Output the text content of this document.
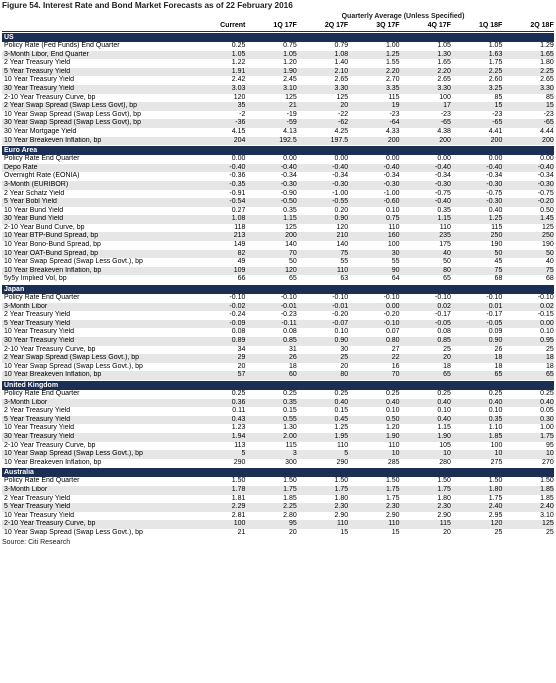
Figure 54. Interest Rate and Bond Market Forecasts as of 22 February 2016
Quarterly Average (Unless Specified)
Current	1Q 17F	2Q 17F	3Q 17F	4Q 17F	1Q 18F	2Q 18F
US
Policy Rate (Fed Funds) End Quarter	0.25	0.75	0.79	1.00	1.05	1.05	1.29
3-Month Libor, End Quarter	1.05	1.05	1.08	1.25	1.30	1.63	1.65
2 Year Treasury Yield	1.22	1.20	1.40	1.55	1.65	1.75	1.80
5 Year Treasury Yield	1.91	1.90	2.10	2.20	2.20	2.25	2.25
10 Year Treasury Yield	2.42	2.45	2.65	2.70	2.65	2.60	2.65
30 Year Treasury Yield	3.03	3.10	3.30	3.35	3.30	3.25	3.30
2-10 Year Treasury Curve, bp	120	125	125	115	100	85	85
2 Year Swap Spread (Swap Less Govt), bp	35	21	20	19	17	15	15
10 Year Swap Spread (Swap Less Govt), bp	-2	-19	-22	-23	-23	-23	-23
30 Year Swap Spread (Swap Less Govt), bp	-36	-59	-62	-64	-65	-65	-65
30 Year Mortgage Yield	4.15	4.13	4.25	4.33	4.38	4.41	4.44
10 Year Breakeven Inflation, bp	204	192.5	197.5	200	200	200	200
Euro Area
Policy Rate End Quarter	0.00	0.00	0.00	0.00	0.00	0.00	0.00
Depo Rate	-0.40	-0.40	-0.40	-0.40	-0.40	-0.40	-0.40
Overnight Rate (EONIA)	-0.36	-0.34	-0.34	-0.34	-0.34	-0.34	-0.34
3-Month (EURIBOR)	-0.35	-0.30	-0.30	-0.30	-0.30	-0.30	-0.30
2 Year Schatz Yield	-0.91	-0.90	-1.00	-1.00	-0.75	-0.75	-0.75
5 Year Bobl Yield	-0.54	-0.50	-0.55	-0.60	-0.40	-0.30	-0.20
10 Year Bund Yield	0.27	0.35	0.20	0.10	0.35	0.40	0.50
30 Year Bund Yield	1.08	1.15	0.90	0.75	1.15	1.25	1.45
2-10 Year Bund Curve, bp	118	125	120	110	110	115	125
10 Year BTP-Bund Spread, bp	213	200	210	160	235	250	250
10 Year Bono-Bund Spread, bp	149	140	140	100	175	190	190
10 Year OAT-Bund Spread, bp	82	70	75	30	40	50	50
10 Year Swap Spread (Swap Less Govt.), bp	49	50	55	55	50	45	40
10 Year Breakeven Inflation, bp	109	120	110	90	80	75	75
5y5y Implied Vol, bp	66	65	63	64	65	68	68
Japan
Policy Rate End Quarter	-0.10	-0.10	-0.10	-0.10	-0.10	-0.10	-0.10
3-Month Libor	-0.02	-0.01	-0.01	0.00	0.02	0.01	0.02
2 Year Treasury Yield	-0.24	-0.23	-0.20	-0.20	-0.17	-0.17	-0.15
5 Year Treasury Yield	-0.09	-0.11	-0.07	-0.10	-0.05	-0.05	0.00
10 Year Treasury Yield	0.08	0.08	0.10	0.07	0.08	0.09	0.10
30 Year Treasury Yield	0.89	0.85	0.90	0.80	0.85	0.90	0.95
2-10 Year Treasury Curve, bp	34	31	30	27	25	26	25
2 Year Swap Spread (Swap Less Govt.), bp	29	26	25	22	20	18	18
10 Year Swap Spread (Swap Less Govt.), bp	20	18	20	16	18	18	18
10 Year Breakeven Inflation, bp	57	60	80	70	65	65	65
United Kingdom
Policy Rate End Quarter	0.25	0.25	0.25	0.25	0.25	0.25	0.25
3-Month Libor	0.36	0.35	0.40	0.40	0.40	0.40	0.40
2 Year Treasury Yield	0.11	0.15	0.15	0.10	0.10	0.10	0.05
5 Year Treasury Yield	0.43	0.55	0.45	0.50	0.40	0.35	0.30
10 Year Treasury Yield	1.23	1.30	1.25	1.20	1.15	1.10	1.00
30 Year Treasury Yield	1.94	2.00	1.95	1.90	1.90	1.85	1.75
2-10 Year Treasury Curve, bp	113	115	110	110	105	100	95
10 Year Swap Spread (Swap Less Govt.), bp	5	3	5	10	10	10	10
10 Year Breakeven Inflation, bp	290	300	290	285	280	275	270
Australia
Policy Rate End Quarter	1.50	1.50	1.50	1.50	1.50	1.50	1.50
3-Month Libor	1.78	1.75	1.75	1.75	1.75	1.80	1.85
2 Year Treasury Yield	1.81	1.85	1.80	1.75	1.80	1.75	1.85
5 Year Treasury Yield	2.29	2.25	2.30	2.30	2.30	2.40	2.40
10 Year Treasury Yield	2.81	2.80	2.90	2.90	2.90	2.95	3.10
2-10 Year Treasury Curve, bp	100	95	110	110	115	120	125
10 Year Swap Spread (Swap Less Govt.), bp	21	20	15	15	20	25	25
Source: Citi Research
